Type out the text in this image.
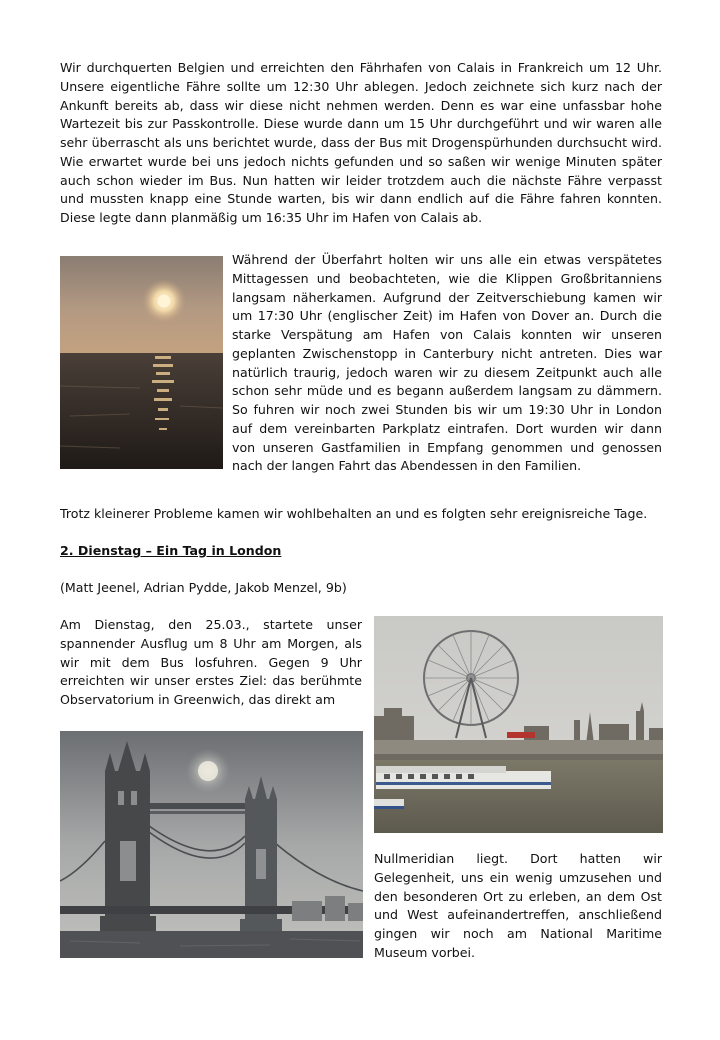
Wir durchquerten Belgien und erreichten den Fährhafen von Calais in Frankreich um 12 Uhr. Unsere eigentliche Fähre sollte um 12:30 Uhr ablegen. Jedoch zeichnete sich kurz nach der Ankunft bereits ab, dass wir diese nicht nehmen werden. Denn es war eine unfassbar hohe Wartezeit bis zur Passkontrolle. Diese wurde dann um 15 Uhr durchgeführt und wir waren alle sehr überrascht als uns berichtet wurde, dass der Bus mit Drogenspürhunden durchsucht wird. Wie erwartet wurde bei uns jedoch nichts gefunden und so saßen wir wenige Minuten später auch schon wieder im Bus. Nun hatten wir leider trotzdem auch die nächste Fähre verpasst und mussten knapp eine Stunde warten, bis wir dann endlich auf die Fähre fahren konnten. Diese legte dann planmäßig um 16:35 Uhr im Hafen von Calais ab.

Während der Überfahrt holten wir uns alle ein etwas verspätetes Mittagessen und beobachteten, wie die Klippen Großbritanniens langsam näherkamen. Aufgrund der Zeitverschiebung kamen wir um 17:30 Uhr (englischer Zeit) im Hafen von Dover an. Durch die starke Verspätung am Hafen von Calais konnten wir unseren geplanten Zwischenstopp in Canterbury nicht antreten. Dies war natürlich traurig, jedoch waren wir zu diesem Zeitpunkt auch alle schon sehr müde und es begann außerdem langsam zu dämmern. So fuhren wir noch zwei Stunden bis wir um 19:30 Uhr in London auf dem vereinbarten Parkplatz eintrafen. Dort wurden wir dann von unseren Gastfamilien in Empfang genommen und genossen nach der langen Fahrt das Abendessen in den Familien.

Trotz kleinerer Probleme kamen wir wohlbehalten an und es folgten sehr ereignisreiche Tage.

2. Dienstag – Ein Tag in London
(Matt Jeenel, Adrian Pydde, Jakob Menzel, 9b)

Am Dienstag, den 25.03., startete unser spannender Ausflug um 8 Uhr am Morgen, als wir mit dem Bus losfuhren. Gegen 9 Uhr erreichten wir unser erstes Ziel: das berühmte Observatorium in Greenwich, das direkt am

Nullmeridian liegt. Dort hatten wir Gelegenheit, uns ein wenig umzusehen und den besonderen Ort zu erleben, an dem Ost und West aufeinandertreffen, anschließend gingen wir noch am National Maritime Museum vorbei.
